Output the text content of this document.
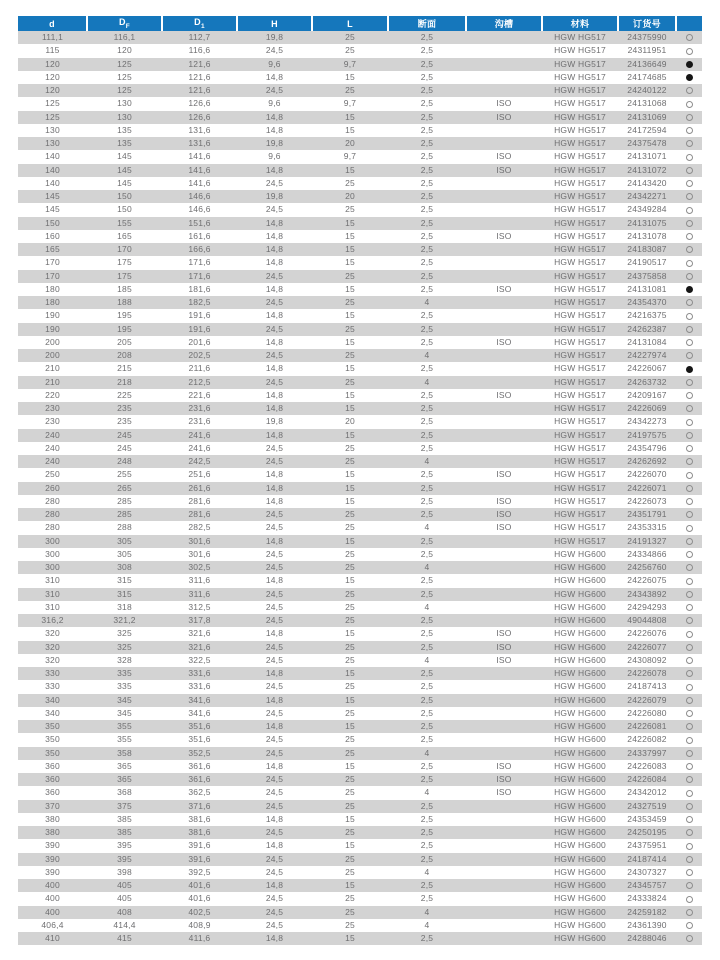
d	$D_F$	$D_1$	H	L	断面	沟槽	材料	订货号	
111,1	116,1	112,7	19,8	25	2,5		HGW HG517	24375990	
115	120	116,6	24,5	25	2,5		HGW HG517	24311951	
120	125	121,6	9,6	9,7	2,5		HGW HG517	24136649	
120	125	121,6	14,8	15	2,5		HGW HG517	24174685	
120	125	121,6	24,5	25	2,5		HGW HG517	24240122	
125	130	126,6	9,6	9,7	2,5	ISO	HGW HG517	24131068	
125	130	126,6	14,8	15	2,5	ISO	HGW HG517	24131069	
130	135	131,6	14,8	15	2,5		HGW HG517	24172594	
130	135	131,6	19,8	20	2,5		HGW HG517	24375478	
140	145	141,6	9,6	9,7	2,5	ISO	HGW HG517	24131071	
140	145	141,6	14,8	15	2,5	ISO	HGW HG517	24131072	
140	145	141,6	24,5	25	2,5		HGW HG517	24143420	
145	150	146,6	19,8	20	2,5		HGW HG517	24342271	
145	150	146,6	24,5	25	2,5		HGW HG517	24349284	
150	155	151,6	14,8	15	2,5		HGW HG517	24131075	
160	165	161,6	14,8	15	2,5	ISO	HGW HG517	24131078	
165	170	166,6	14,8	15	2,5		HGW HG517	24183087	
170	175	171,6	14,8	15	2,5		HGW HG517	24190517	
170	175	171,6	24,5	25	2,5		HGW HG517	24375858	
180	185	181,6	14,8	15	2,5	ISO	HGW HG517	24131081	
180	188	182,5	24,5	25	4		HGW HG517	24354370	
190	195	191,6	14,8	15	2,5		HGW HG517	24216375	
190	195	191,6	24,5	25	2,5		HGW HG517	24262387	
200	205	201,6	14,8	15	2,5	ISO	HGW HG517	24131084	
200	208	202,5	24,5	25	4		HGW HG517	24227974	
210	215	211,6	14,8	15	2,5		HGW HG517	24226067	
210	218	212,5	24,5	25	4		HGW HG517	24263732	
220	225	221,6	14,8	15	2,5	ISO	HGW HG517	24209167	
230	235	231,6	14,8	15	2,5		HGW HG517	24226069	
230	235	231,6	19,8	20	2,5		HGW HG517	24342273	
240	245	241,6	14,8	15	2,5		HGW HG517	24197575	
240	245	241,6	24,5	25	2,5		HGW HG517	24354796	
240	248	242,5	24,5	25	4		HGW HG517	24262692	
250	255	251,6	14,8	15	2,5	ISO	HGW HG517	24226070	
260	265	261,6	14,8	15	2,5		HGW HG517	24226071	
280	285	281,6	14,8	15	2,5	ISO	HGW HG517	24226073	
280	285	281,6	24,5	25	2,5	ISO	HGW HG517	24351791	
280	288	282,5	24,5	25	4	ISO	HGW HG517	24353315	
300	305	301,6	14,8	15	2,5		HGW HG517	24191327	
300	305	301,6	24,5	25	2,5		HGW HG600	24334866	
300	308	302,5	24,5	25	4		HGW HG600	24256760	
310	315	311,6	14,8	15	2,5		HGW HG600	24226075	
310	315	311,6	24,5	25	2,5		HGW HG600	24343892	
310	318	312,5	24,5	25	4		HGW HG600	24294293	
316,2	321,2	317,8	24,5	25	2,5		HGW HG600	49044808	
320	325	321,6	14,8	15	2,5	ISO	HGW HG600	24226076	
320	325	321,6	24,5	25	2,5	ISO	HGW HG600	24226077	
320	328	322,5	24,5	25	4	ISO	HGW HG600	24308092	
330	335	331,6	14,8	15	2,5		HGW HG600	24226078	
330	335	331,6	24,5	25	2,5		HGW HG600	24187413	
340	345	341,6	14,8	15	2,5		HGW HG600	24226079	
340	345	341,6	24,5	25	2,5		HGW HG600	24226080	
350	355	351,6	14,8	15	2,5		HGW HG600	24226081	
350	355	351,6	24,5	25	2,5		HGW HG600	24226082	
350	358	352,5	24,5	25	4		HGW HG600	24337997	
360	365	361,6	14,8	15	2,5	ISO	HGW HG600	24226083	
360	365	361,6	24,5	25	2,5	ISO	HGW HG600	24226084	
360	368	362,5	24,5	25	4	ISO	HGW HG600	24342012	
370	375	371,6	24,5	25	2,5		HGW HG600	24327519	
380	385	381,6	14,8	15	2,5		HGW HG600	24353459	
380	385	381,6	24,5	25	2,5		HGW HG600	24250195	
390	395	391,6	14,8	15	2,5		HGW HG600	24375951	
390	395	391,6	24,5	25	2,5		HGW HG600	24187414	
390	398	392,5	24,5	25	4		HGW HG600	24307327	
400	405	401,6	14,8	15	2,5		HGW HG600	24345757	
400	405	401,6	24,5	25	2,5		HGW HG600	24333824	
400	408	402,5	24,5	25	4		HGW HG600	24259182	
406,4	414,4	408,9	24,5	25	4		HGW HG600	24361390	
410	415	411,6	14,8	15	2,5		HGW HG600	24288046	
